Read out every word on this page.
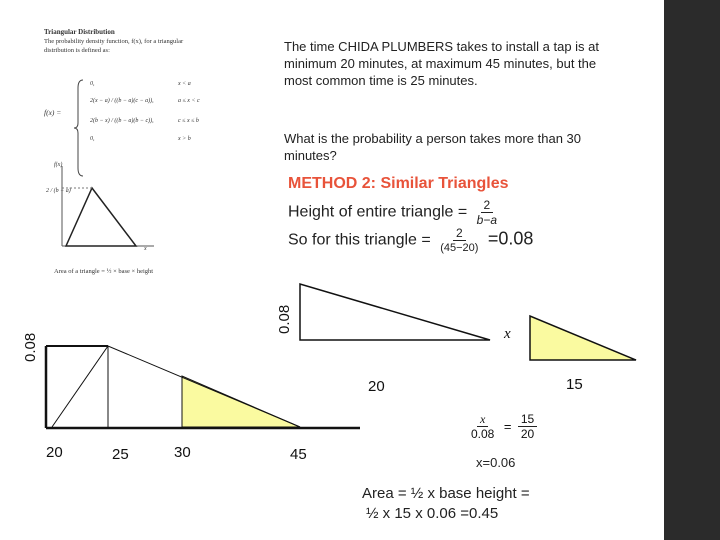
Triangular Distribution
The probability density function, f(x), for a triangular distribution is defined as:
f(x) =
0,	x < a
2(x − a) / ((b − a)(c − a)),	a ≤ x < c
2(b − x) / ((b − a)(b − c)),	c ≤ x ≤ b
0,	x > b
f(x)
2 / (b − a)
x
Area of a triangle = ½ × base × height
The time CHIDA PLUMBERS takes to install a tap is at minimum 20 minutes, at maximum 45 minutes, but the most common time is 25 minutes.
What is the probability a person takes more than 30 minutes?
METHOD 2: Similar Triangles
Height of entire triangle = $\frac{2}{b-a}$
So for this triangle = $\frac{2}{(45-20)} =0.08$
0.08
20	25	30	45
0.08
20
x
15
$\frac{x}{0.08} = \frac{15}{20}$
x=0.06
Area = ½ x base height =
½ x 15 x 0.06 =0.45
